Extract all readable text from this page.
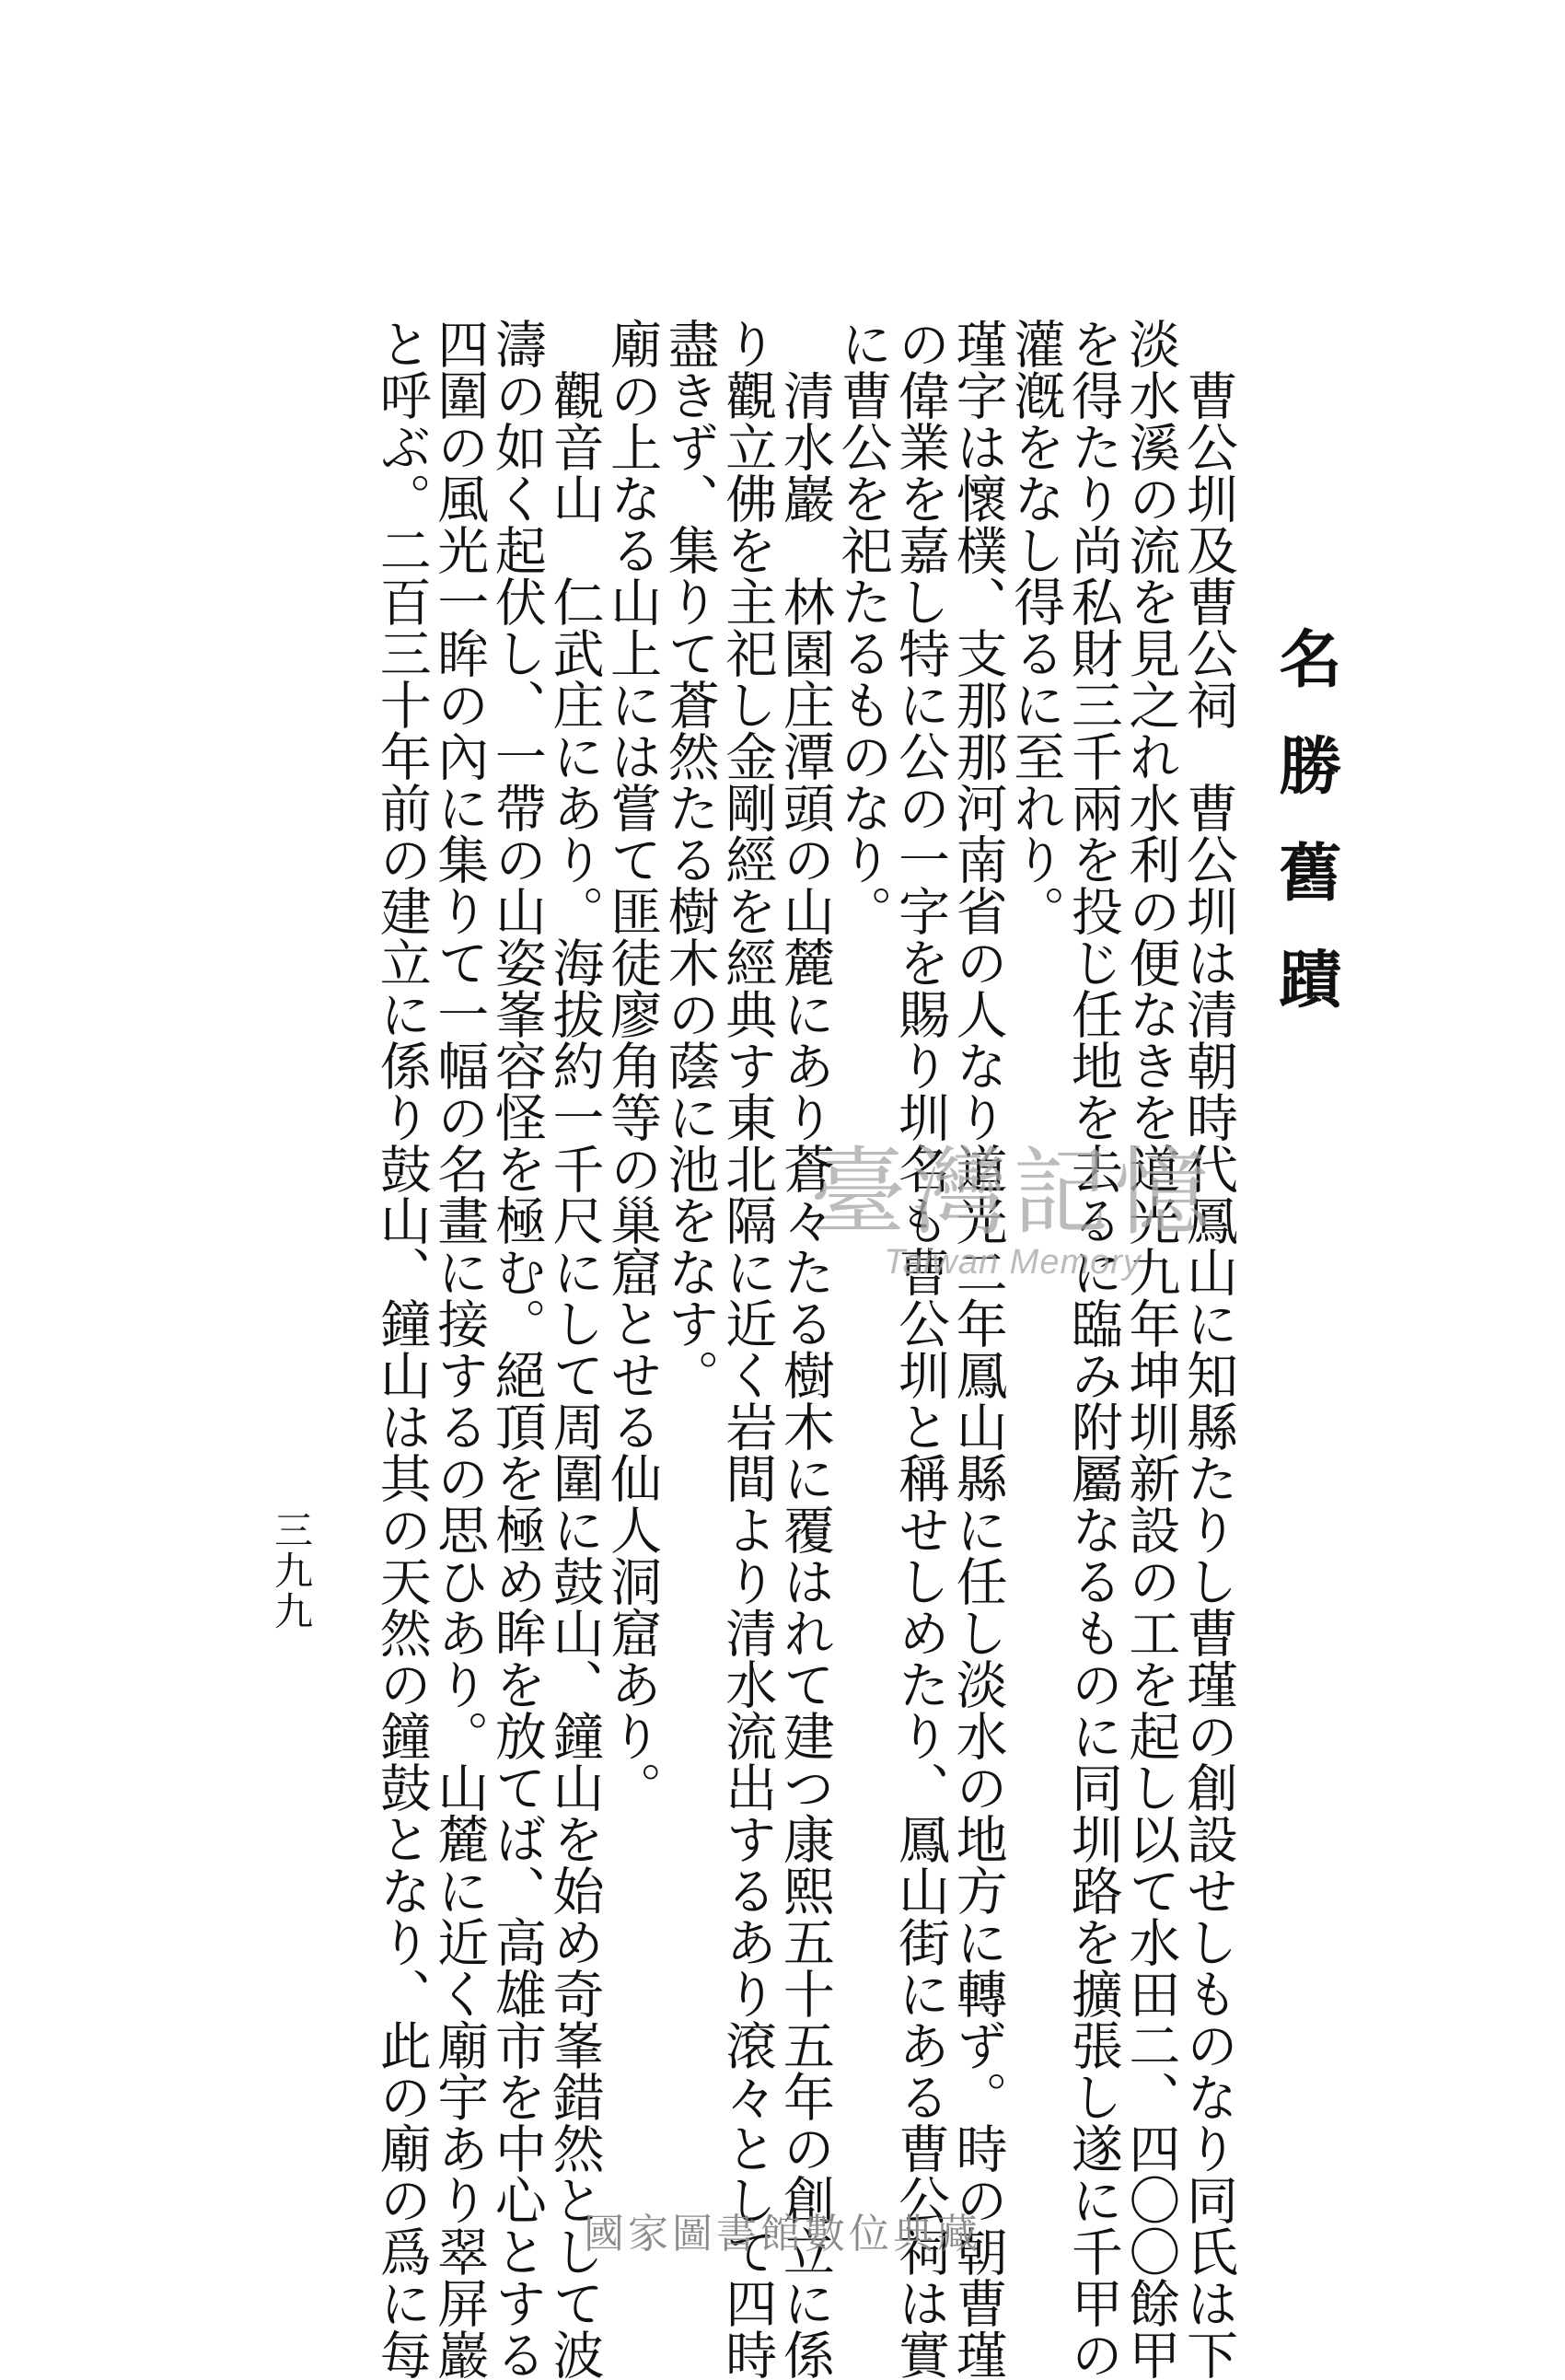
名勝舊蹟
曹公圳及曹公祠　曹公圳は清朝時代鳳山に知縣たりし曹瑾の創設せしものなり同氏は下
淡水溪の流を見之れ水利の便なきを道光九年坤圳新設の工を起し以て水田二、四〇〇餘甲
を得たり尚私財三千兩を投じ任地を去るに臨み附屬なるものに同圳路を擴張し遂に千甲の
灌漑をなし得るに至れり。
瑾字は懷樸、支那那河南省の人なり道光二年鳳山縣に任し淡水の地方に轉ず。時の朝曹瑾
の偉業を嘉し特に公の一字を賜り圳名も曹公圳と稱せしめたり、鳳山街にある曹公祠は實
に曹公を祀たるものなり。
清水巖　林園庄潭頭の山麓にあり蒼々たる樹木に覆はれて建つ康熙五十五年の創立に係
り觀立佛を主祀し金剛經を經典す東北隔に近く岩間より清水流出するあり滾々として四時
盡きず、集りて蒼然たる樹木の蔭に池をなす。
廟の上なる山上には嘗て匪徒廖角等の巢窟とせる仙人洞窟あり。
觀音山　仁武庄にあり。海拔約一千尺にして周圍に鼓山、鐘山を始め奇峯錯然として波
濤の如く起伏し、一帶の山姿峯容怪を極む。絕頂を極め眸を放てば、高雄市を中心とする
四圍の風光一眸の內に集りて一幅の名畫に接するの思ひあり。山麓に近く廟宇あり翠屏巖
と呼ぶ。二百三十年前の建立に係り鼓山、鐘山は其の天然の鐘鼓となり、此の廟の爲に每
三九九
臺灣記憶
Taiwan Memory
國家圖書館數位典藏
